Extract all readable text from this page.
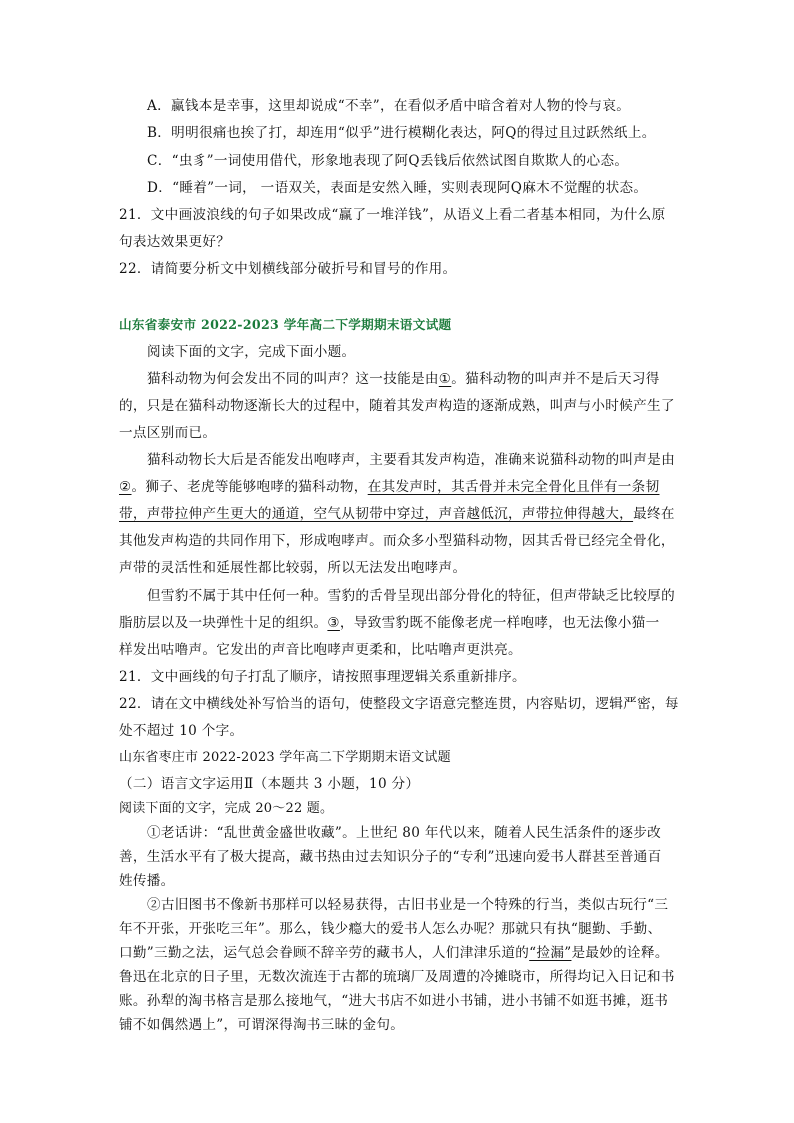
A．赢钱本是幸事，这里却说成“不幸”，在看似矛盾中暗含着对人物的怜与哀。
B．明明很痛也挨了打，却连用“似乎”进行模糊化表达，阿Q的得过且过跃然纸上。
C．“虫豸”一词使用借代，形象地表现了阿Q丢钱后依然试图自欺欺人的心态。
D．“睡着”一词， 一语双关，表面是安然入睡，实则表现阿Q麻木不觉醒的状态。
21．文中画波浪线的句子如果改成“赢了一堆洋钱”，从语义上看二者基本相同，为什么原
句表达效果更好？
22．请简要分析文中划横线部分破折号和冒号的作用。
山东省泰安市 2022-2023 学年高二下学期期末语文试题
阅读下面的文字，完成下面小题。
猫科动物为何会发出不同的叫声？这一技能是由①。猫科动物的叫声并不是后天习得
的，只是在猫科动物逐渐长大的过程中，随着其发声构造的逐渐成熟，叫声与小时候产生了
一点区别而已。
猫科动物长大后是否能发出咆哮声，主要看其发声构造，准确来说猫科动物的叫声是由
②。狮子、老虎等能够咆哮的猫科动物，在其发声时，其舌骨并未完全骨化且伴有一条韧
带，声带拉伸产生更大的通道，空气从韧带中穿过，声音越低沉，声带拉伸得越大，最终在
其他发声构造的共同作用下，形成咆哮声。而众多小型猫科动物，因其舌骨已经完全骨化，
声带的灵活性和延展性都比较弱，所以无法发出咆哮声。
但雪豹不属于其中任何一种。雪豹的舌骨呈现出部分骨化的特征，但声带缺乏比较厚的
脂肪层以及一块弹性十足的组织。③，导致雪豹既不能像老虎一样咆哮，也无法像小猫一
样发出咕噜声。它发出的声音比咆哮声更柔和，比咕噜声更洪亮。
21．文中画线的句子打乱了顺序，请按照事理逻辑关系重新排序。
22．请在文中横线处补写恰当的语句，使整段文字语意完整连贯，内容贴切，逻辑严密，每
处不超过 10 个字。
山东省枣庄市 2022-2023 学年高二下学期期末语文试题
（二）语言文字运用Ⅱ（本题共 3 小题，10 分）
阅读下面的文字，完成 20～22 题。
①老话讲：“乱世黄金盛世收藏”。上世纪 80 年代以来，随着人民生活条件的逐步改
善，生活水平有了极大提高，藏书热由过去知识分子的“专利”迅速向爱书人群甚至普通百
姓传播。
②古旧图书不像新书那样可以轻易获得，古旧书业是一个特殊的行当，类似古玩行“三
年不开张，开张吃三年”。那么，钱少瘾大的爱书人怎么办呢？那就只有执“腿勤、手勤、
口勤”三勤之法，运气总会眷顾不辞辛劳的藏书人，人们津津乐道的“捡漏”是最妙的诠释。
鲁迅在北京的日子里，无数次流连于古都的琉璃厂及周遭的冷摊晓市，所得均记入日记和书
账。孙犁的淘书格言是那么接地气，“进大书店不如进小书铺，进小书铺不如逛书摊，逛书
铺不如偶然遇上”，可谓深得淘书三昧的金句。
